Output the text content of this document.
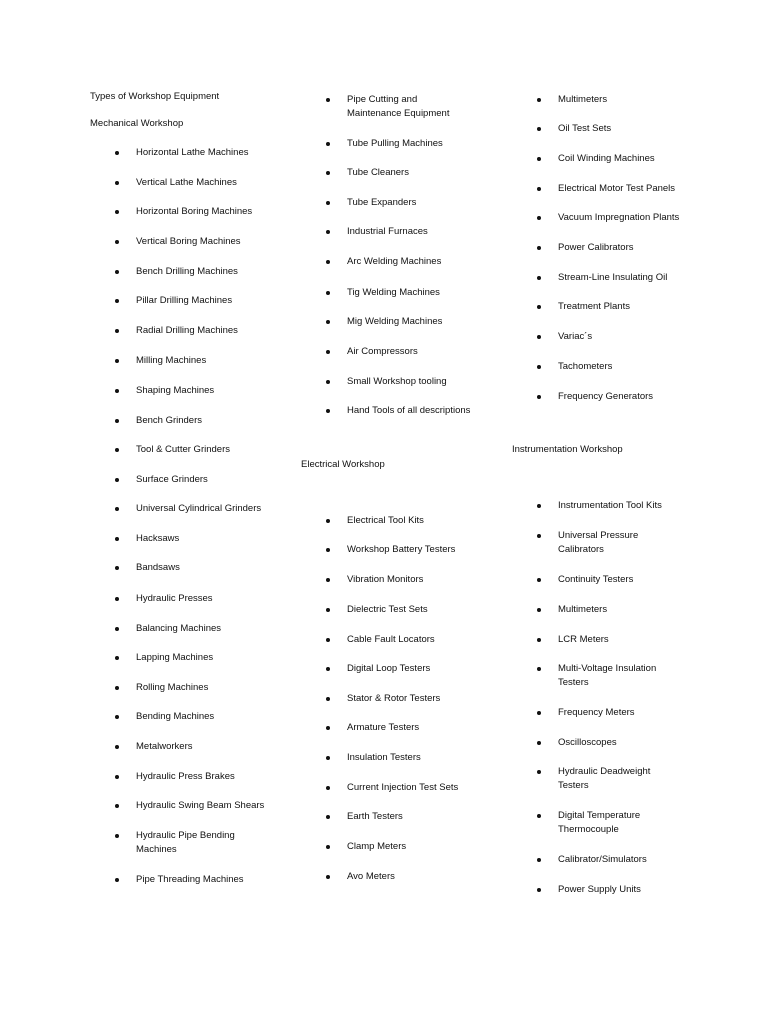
Types of Workshop Equipment
Mechanical Workshop
Horizontal Lathe Machines
Vertical Lathe Machines
Horizontal Boring Machines
Vertical Boring Machines
Bench Drilling Machines
Pillar Drilling Machines
Radial Drilling Machines
Milling Machines
Shaping Machines
Bench Grinders
Tool & Cutter Grinders
Surface Grinders
Universal Cylindrical Grinders
Hacksaws
Bandsaws
Hydraulic Presses
Balancing Machines
Lapping Machines
Rolling Machines
Bending Machines
Metalworkers
Hydraulic Press Brakes
Hydraulic Swing Beam Shears
Hydraulic Pipe Bending Machines
Pipe Threading Machines
Pipe Cutting and Maintenance Equipment
Tube Pulling Machines
Tube Cleaners
Tube Expanders
Industrial Furnaces
Arc Welding Machines
Tig Welding Machines
Mig Welding Machines
Air Compressors
Small Workshop tooling
Hand Tools of all descriptions
Electrical Workshop
Electrical Tool Kits
Workshop Battery Testers
Vibration Monitors
Dielectric Test Sets
Cable Fault Locators
Digital Loop Testers
Stator & Rotor Testers
Armature Testers
Insulation Testers
Current Injection Test Sets
Earth Testers
Clamp Meters
Avo Meters
Multimeters
Oil Test Sets
Coil Winding Machines
Electrical Motor Test Panels
Vacuum Impregnation Plants
Power Calibrators
Stream-Line Insulating Oil
Treatment Plants
Variac´s
Tachometers
Frequency Generators
Instrumentation Workshop
Instrumentation Tool Kits
Universal Pressure Calibrators
Continuity Testers
Multimeters
LCR Meters
Multi-Voltage Insulation Testers
Frequency Meters
Oscilloscopes
Hydraulic Deadweight Testers
Digital Temperature Thermocouple
Calibrator/Simulators
Power Supply Units
